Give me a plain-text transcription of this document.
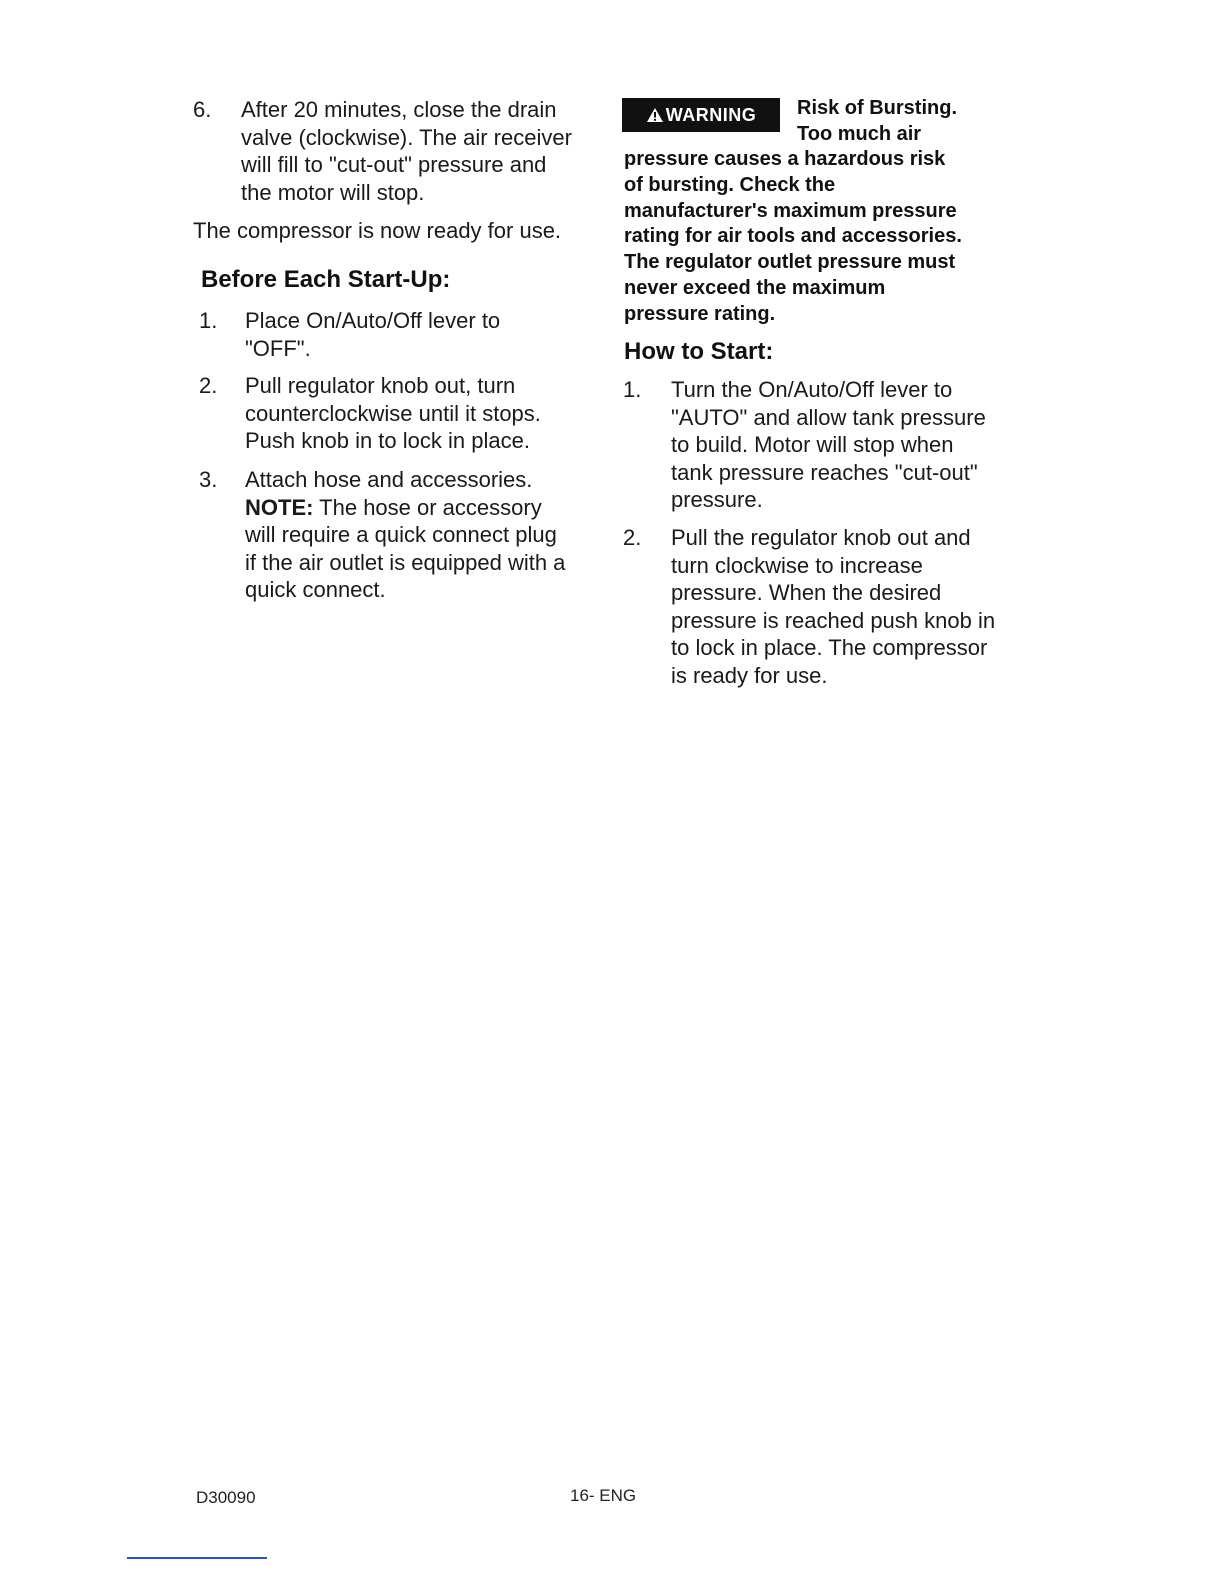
6. After 20 minutes, close the drain
valve (clockwise). The air receiver
will fill to "cut-out" pressure and
the motor will stop.
The compressor is now ready for use.
Before Each Start-Up:
1. Place On/Auto/Off lever to
"OFF".
2. Pull regulator knob out, turn
counterclockwise until it stops.
Push knob in to lock in place.
3. Attach hose and accessories.
NOTE: The hose or accessory
will require a quick connect plug
if the air outlet is equipped with a
quick connect.
WARNING	Risk of Bursting.
Too much air
pressure causes a hazardous risk
of bursting. Check the
manufacturer's maximum pressure
rating for air tools and accessories.
The regulator outlet pressure must
never exceed the maximum
pressure rating.
How to Start:
1. Turn the On/Auto/Off lever to
"AUTO" and allow tank pressure
to build. Motor will stop when
tank pressure reaches "cut-out"
pressure.
2. Pull the regulator knob out and
turn clockwise to increase
pressure. When the desired
pressure is reached push knob in
to lock in place. The compressor
is ready for use.
D30090	16- ENG
